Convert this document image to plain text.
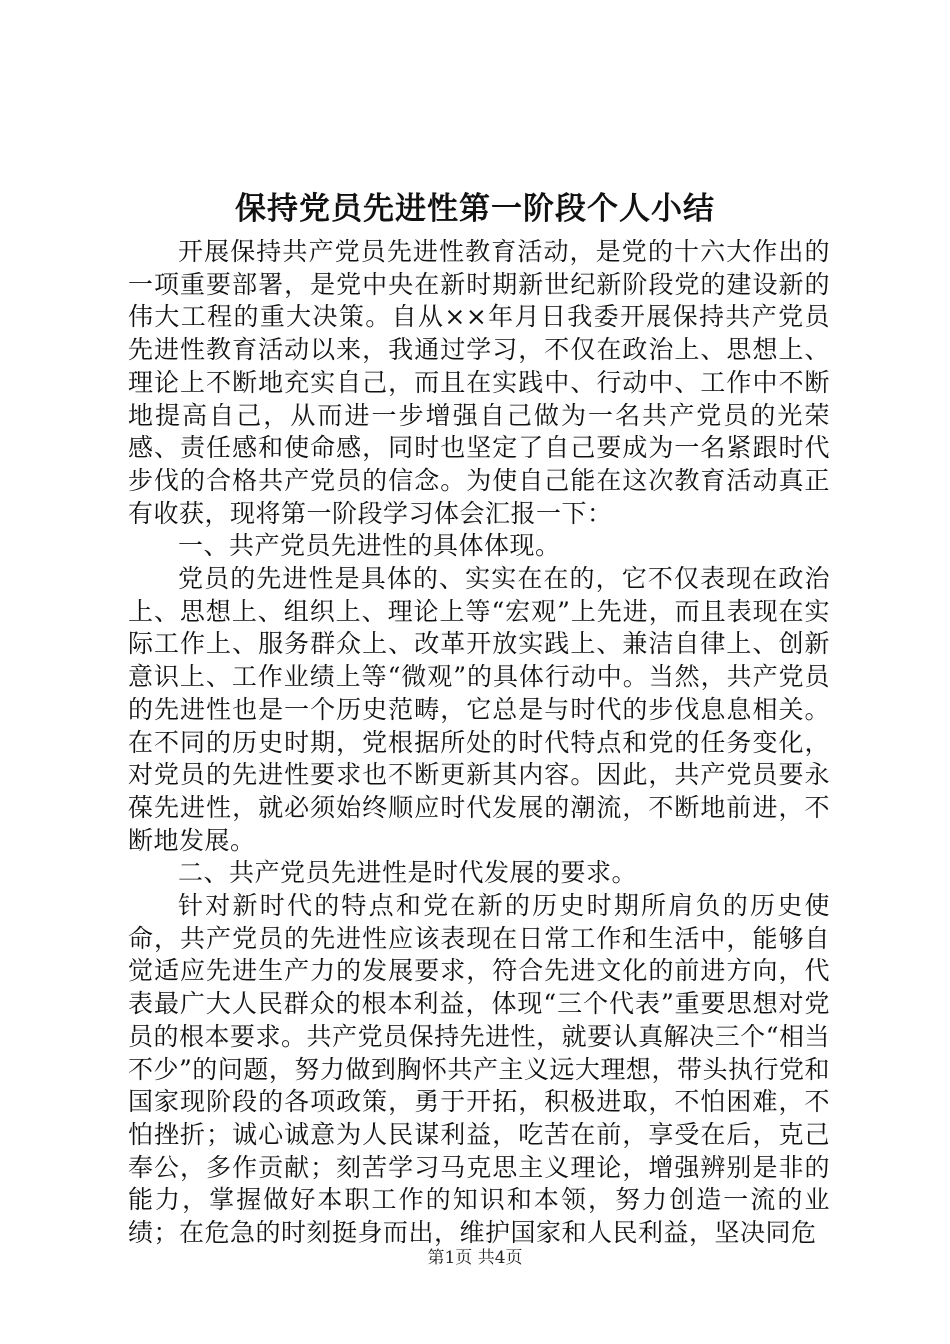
保持党员先进性第一阶段个人小结

开展保持共产党员先进性教育活动，是党的十六大作出的一项重要部署，是党中央在新时期新世纪新阶段党的建设新的伟大工程的重大决策。自从××年月日我委开展保持共产党员先进性教育活动以来，我通过学习，不仅在政治上、思想上、理论上不断地充实自己，而且在实践中、行动中、工作中不断地提高自己，从而进一步增强自己做为一名共产党员的光荣感、责任感和使命感，同时也坚定了自己要成为一名紧跟时代步伐的合格共产党员的信念。为使自己能在这次教育活动真正有收获，现将第一阶段学习体会汇报一下：

一、共产党员先进性的具体体现。

党员的先进性是具体的、实实在在的，它不仅表现在政治上、思想上、组织上、理论上等“宏观”上先进，而且表现在实际工作上、服务群众上、改革开放实践上、兼洁自律上、创新意识上、工作业绩上等“微观”的具体行动中。当然，共产党员的先进性也是一个历史范畴，它总是与时代的步伐息息相关。在不同的历史时期，党根据所处的时代特点和党的任务变化，对党员的先进性要求也不断更新其内容。因此，共产党员要永葆先进性，就必须始终顺应时代发展的潮流，不断地前进，不断地发展。

二、共产党员先进性是时代发展的要求。

针对新时代的特点和党在新的历史时期所肩负的历史使命，共产党员的先进性应该表现在日常工作和生活中，能够自觉适应先进生产力的发展要求，符合先进文化的前进方向，代表最广大人民群众的根本利益，体现“三个代表”重要思想对党员的根本要求。共产党员保持先进性，就要认真解决三个“相当不少”的问题，努力做到胸怀共产主义远大理想，带头执行党和国家现阶段的各项政策，勇于开拓，积极进取，不怕困难，不怕挫折；诚心诚意为人民谋利益，吃苦在前，享受在后，克己奉公，多作贡献；刻苦学习马克思主义理论，增强辨别是非的能力，掌握做好本职工作的知识和本领，努力创造一流的业绩；在危急的时刻挺身而出，维护国家和人民利益，坚决同危

第1页 共4页
